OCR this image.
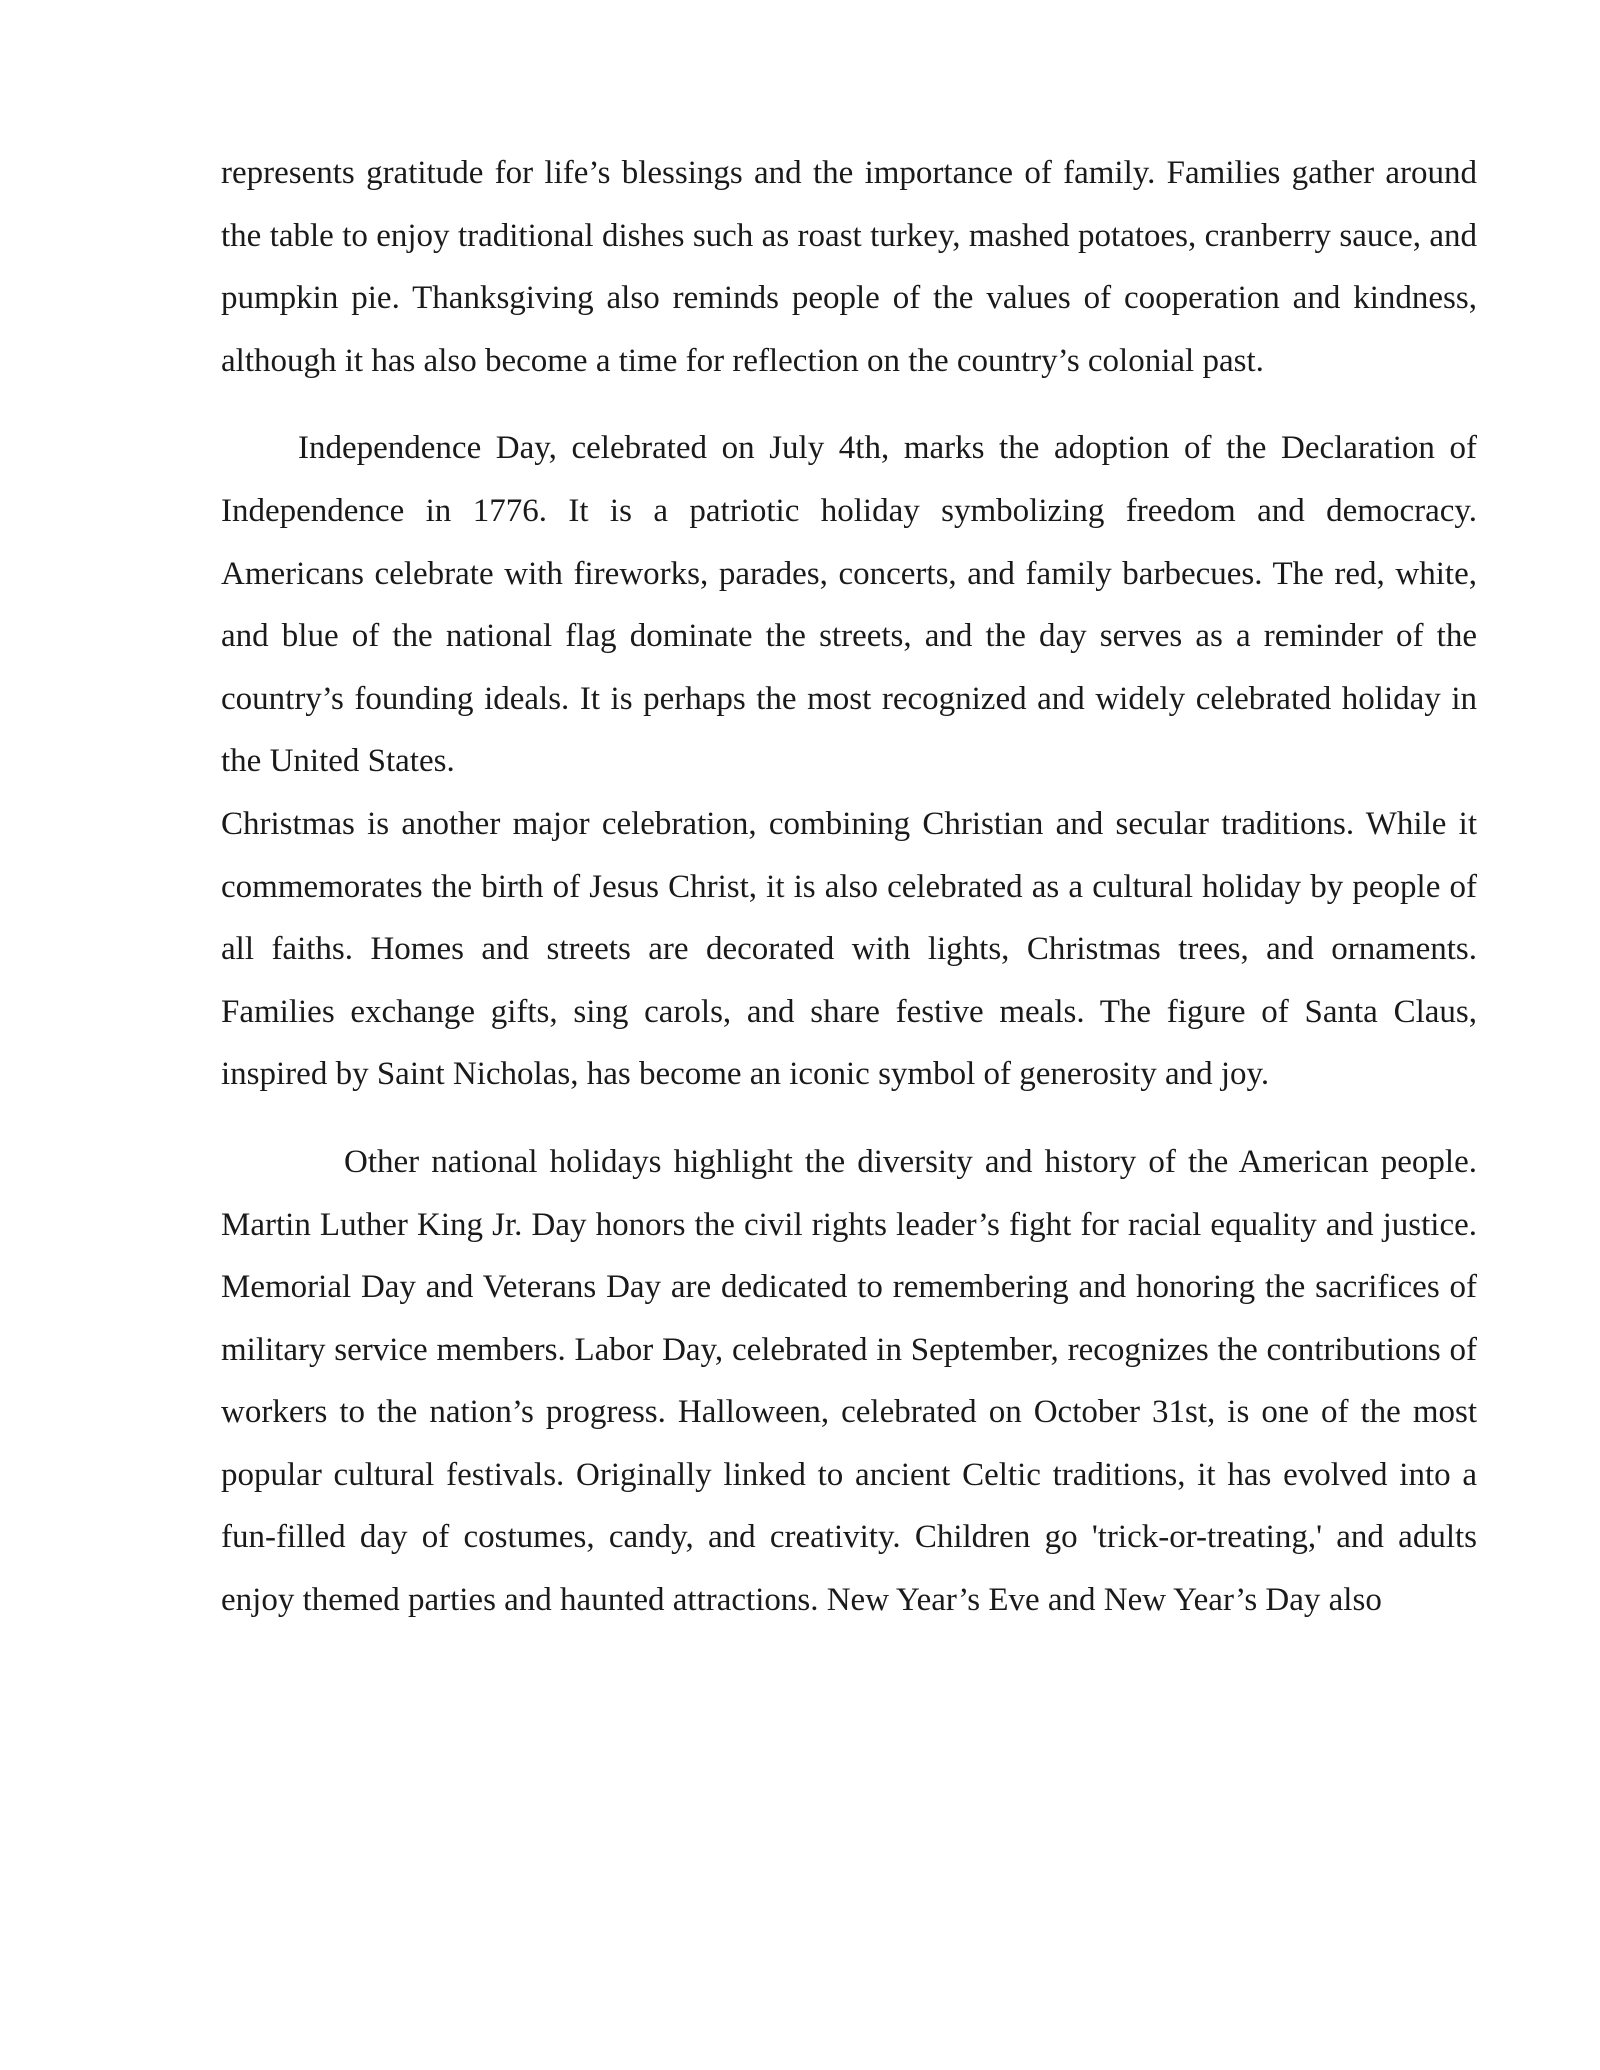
represents gratitude for life’s blessings and the importance of family. Families gather around the table to enjoy traditional dishes such as roast turkey, mashed potatoes, cranberry sauce, and pumpkin pie. Thanksgiving also reminds people of the values of cooperation and kindness, although it has also become a time for reflection on the country’s colonial past.

Independence Day, celebrated on July 4th, marks the adoption of the Declaration of Independence in 1776. It is a patriotic holiday symbolizing freedom and democracy. Americans celebrate with fireworks, parades, concerts, and family barbecues. The red, white, and blue of the national flag dominate the streets, and the day serves as a reminder of the country’s founding ideals. It is perhaps the most recognized and widely celebrated holiday in the United States.
Christmas is another major celebration, combining Christian and secular traditions. While it commemorates the birth of Jesus Christ, it is also celebrated as a cultural holiday by people of all faiths. Homes and streets are decorated with lights, Christmas trees, and ornaments. Families exchange gifts, sing carols, and share festive meals. The figure of Santa Claus, inspired by Saint Nicholas, has become an iconic symbol of generosity and joy.

Other national holidays highlight the diversity and history of the American people. Martin Luther King Jr. Day honors the civil rights leader’s fight for racial equality and justice. Memorial Day and Veterans Day are dedicated to remembering and honoring the sacrifices of military service members. Labor Day, celebrated in September, recognizes the contributions of workers to the nation’s progress. Halloween, celebrated on October 31st, is one of the most popular cultural festivals. Originally linked to ancient Celtic traditions, it has evolved into a fun-filled day of costumes, candy, and creativity. Children go 'trick-or-treating,' and adults enjoy themed parties and haunted attractions. New Year’s Eve and New Year’s Day also
